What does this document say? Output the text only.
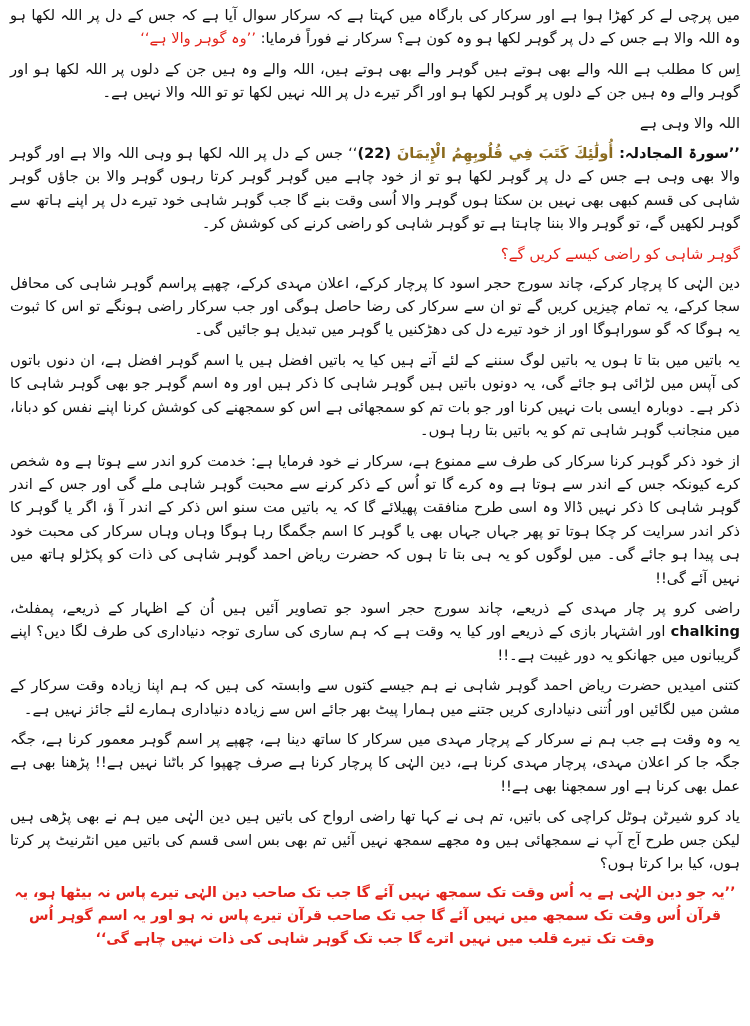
میں پرچی لے کر کھڑا ہوا ہے اور سرکار کی بارگاہ میں کہتا ہے کہ سرکار سوال آیا ہے کہ جس کے دل پر اللہ لکھا ہو وہ اللہ والا ہے جس کے دل پر گوہر لکھا ہو وہ کون ہے؟ سرکار نے فوراً فرمایا: ’’وہ گوہر والا ہے‘‘

اِس کا مطلب ہے اللہ والے بھی ہوتے ہیں گوہر والے بھی ہوتے ہیں، اللہ والے وہ ہیں جن کے دلوں پر اللہ لکھا ہو اور گوہر والے وہ ہیں جن کے دلوں پر گوہر لکھا ہو اور اگر تیرے دل پر اللہ نہیں لکھا تو تو اللہ والا نہیں ہے۔

اللہ والا وہی ہے

’’سورۃ المجادلہ: أُولَٰئِكَ كَتَبَ فِي قُلُوبِهِمُ الْإِيمَانَ (22)‘‘ جس کے دل پر اللہ لکھا ہو وہی اللہ والا ہے اور گوہر والا بھی وہی ہے جس کے دل پر گوہر لکھا ہو تو از خود چاہے میں گوہر گوہر کرتا رہوں گوہر والا بن جاؤں گوہر شاہی کی قسم کبھی بھی نہیں بن سکتا ہوں گوہر والا اُسی وقت بنے گا جب گوہر شاہی خود تیرے دل پر اپنے ہاتھ سے گوہر لکھیں گے، تو گوہر والا بننا چاہتا ہے تو گوہر شاہی کو راضی کرنے کی کوشش کر۔

گوہر شاہی کو راضی کیسے کریں گے؟

دین الہٰی کا پرچار کرکے، چاند سورج حجر اسود کا پرچار کرکے، اعلان مہدی کرکے، چھپے پراسم گوہر شاہی کی محافل سجا کرکے، یہ تمام چیزیں کریں گے تو ان سے سرکار کی رضا حاصل ہوگی اور جب سرکار راضی ہونگے تو اس کا ثبوت یہ ہوگا کہ گو سوراہوگا اور از خود تیرے دل کی دھڑکنیں یا گوہر میں تبدیل ہو جائیں گی۔

یہ باتیں میں بتا تا ہوں یہ باتیں لوگ سننے کے لئے آتے ہیں کیا یہ باتیں افضل ہیں یا اسم گوہر افضل ہے، ان دنوں باتوں کی آپس میں لڑائی ہو جائے گی، یہ دونوں باتیں ہیں گوہر شاہی کا ذکر ہیں اور وہ اسم گوہر جو بھی گوہر شاہی کا ذکر ہے۔ دوبارہ ایسی بات نہیں کرنا اور جو بات تم کو سمجھائی ہے اس کو سمجھنے کی کوشش کرنا اپنے نفس کو دبانا، میں منجانب گوہر شاہی تم کو یہ باتیں بتا رہا ہوں۔

از خود ذکر گوہر کرنا سرکار کی طرف سے ممنوع ہے، سرکار نے خود فرمایا ہے: خدمت کرو اندر سے ہوتا ہے وہ شخص کرے کیونکہ جس کے اندر سے ہوتا ہے وہ کرے گا تو اُس کے ذکر کرنے سے محبت گوہر شاہی ملے گی اور جس کے اندر گوہر شاہی کا ذکر نہیں ڈالا وہ اسی طرح منافقت پھیلائے گا کہ یہ باتیں مت سنو اس ذکر کے اندر آ ؤ، اگر یا گوہر کا ذکر اندر سرایت کر چکا ہوتا تو پھر جہاں جہاں بھی یا گوہر کا اسم جگمگا رہا ہوگا وہاں وہاں سرکار کی محبت خود ہی پیدا ہو جائے گی۔ میں لوگوں کو یہ ہی بتا تا ہوں کہ حضرت ریاض احمد گوہر شاہی کی ذات کو پکڑلو ہاتھ میں نہیں آئے گی!!

راضی کرو پر چار مہدی کے ذریعے، چاند سورج حجر اسود جو تصاویر آئیں ہیں اُن کے اظہار کے ذریعے، پمفلٹ، chalking اور اشتہار بازی کے ذریعے اور کیا یہ وقت ہے کہ ہم ساری کی ساری توجہ دنیاداری کی طرف لگا دیں؟ اپنے گریبانوں میں جھانکو یہ دور غیبت ہے۔!!

کتنی امیدیں حضرت ریاض احمد گوہر شاہی نے ہم جیسے کتوں سے وابستہ کی ہیں کہ ہم اپنا زیادہ وقت سرکار کے مشن میں لگائیں اور اُتنی دنیاداری کریں جتنے میں ہمارا پیٹ بھر جائے اس سے زیادہ دنیاداری ہمارے لئے جائز نہیں ہے۔

یہ وہ وقت ہے جب ہم نے سرکار کے پرچار مہدی میں سرکار کا ساتھ دینا ہے، چھپے پر اسم گوہر معمور کرنا ہے، جگہ جگہ جا کر اعلان مہدی، پرچار مہدی کرنا ہے، دین الہٰی کا پرچار کرنا ہے صرف چھپوا کر باٹنا نہیں ہے!! پڑھنا بھی ہے عمل بھی کرنا ہے اور سمجھنا بھی ہے!!

یاد کرو شیرٹن ہوٹل کراچی کی باتیں، تم ہی نے کہا تھا راضی ارواح کی باتیں ہیں دین الہٰی میں ہم نے بھی پڑھی ہیں لیکن جس طرح آج آپ نے سمجھائی ہیں وہ مجھے سمجھ نہیں آئیں تم بھی بس اسی قسم کی باتیں میں انٹرنیٹ پر کرتا ہوں، کیا برا کرتا ہوں؟

’’یہ جو دین الہٰی ہے یہ اُس وقت تک سمجھ نہیں آئے گا جب تک صاحب دین الہٰی تیرے پاس نہ بیٹھا ہو، یہ قرآن اُس وقت تک سمجھ میں نہیں آئے گا جب تک صاحب قرآن تیرے پاس نہ ہو اور یہ اسم گوہر اُس وقت تک تیرے قلب میں نہیں اترے گا جب تک گوہر شاہی کی ذات نہیں چاہے گی‘‘
